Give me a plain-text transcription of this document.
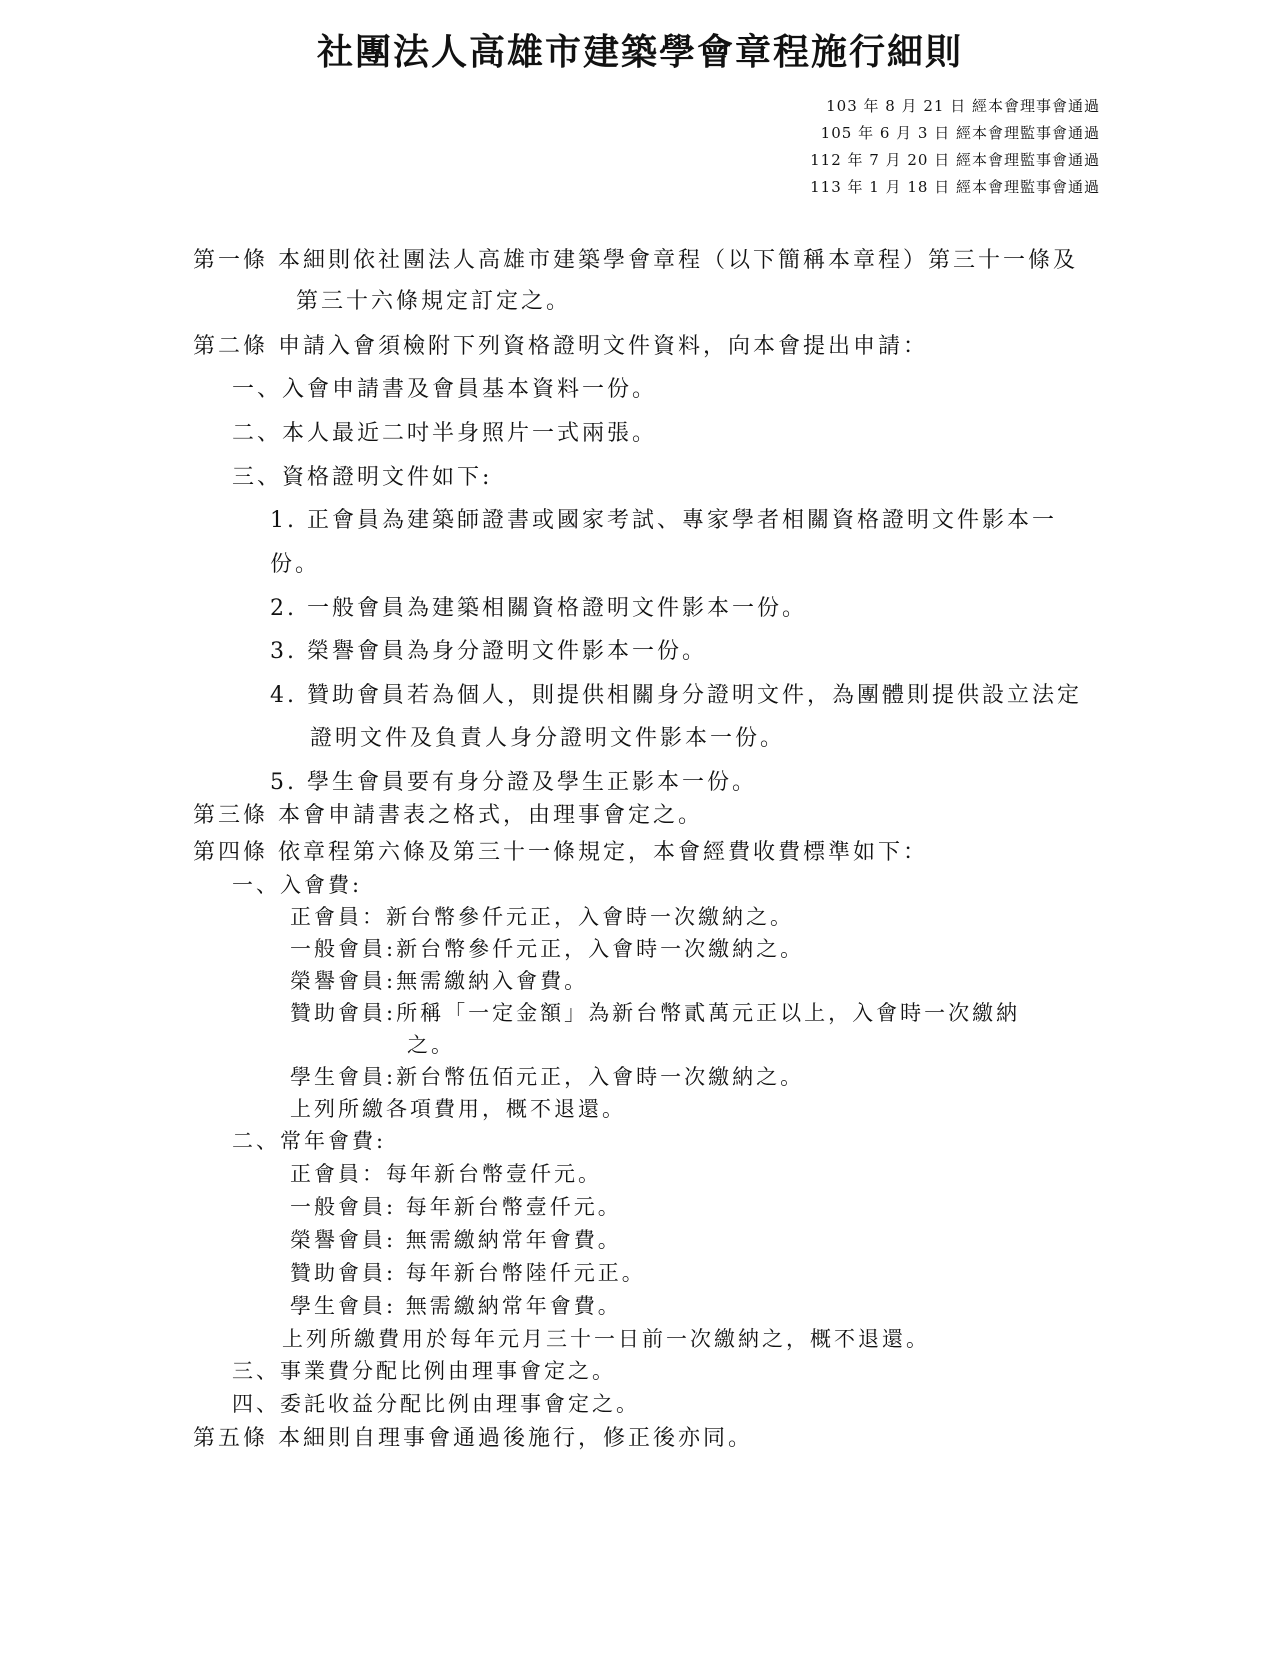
社團法人高雄市建築學會章程施行細則
103 年 8 月 21 日 經本會理事會通過
105 年 6 月 3 日 經本會理監事會通過
112 年 7 月 20 日 經本會理監事會通過
113 年 1 月 18 日 經本會理監事會通過
第一條 本細則依社團法人高雄市建築學會章程（以下簡稱本章程）第三十一條及
第三十六條規定訂定之。
第二條 申請入會須檢附下列資格證明文件資料，向本會提出申請：
一、入會申請書及會員基本資料一份。
二、本人最近二吋半身照片一式兩張。
三、資格證明文件如下:
1. 正會員為建築師證書或國家考試、專家學者相關資格證明文件影本一
份。
2. 一般會員為建築相關資格證明文件影本一份。
3. 榮譽會員為身分證明文件影本一份。
4. 贊助會員若為個人，則提供相關身分證明文件，為團體則提供設立法定
證明文件及負責人身分證明文件影本一份。
5. 學生會員要有身分證及學生正影本一份。
第三條 本會申請書表之格式，由理事會定之。
第四條 依章程第六條及第三十一條規定，本會經費收費標準如下：
一、入會費:
正會員：新台幣參仟元正，入會時一次繳納之。
一般會員:新台幣參仟元正，入會時一次繳納之。
榮譽會員:無需繳納入會費。
贊助會員:所稱「一定金額」為新台幣貳萬元正以上，入會時一次繳納
之。
學生會員:新台幣伍佰元正，入會時一次繳納之。
上列所繳各項費用，概不退還。
二、常年會費:
正會員：每年新台幣壹仟元。
一般會員: 每年新台幣壹仟元。
榮譽會員: 無需繳納常年會費。
贊助會員: 每年新台幣陸仟元正。
學生會員: 無需繳納常年會費。
上列所繳費用於每年元月三十一日前一次繳納之，概不退還。
三、事業費分配比例由理事會定之。
四、委託收益分配比例由理事會定之。
第五條 本細則自理事會通過後施行，修正後亦同。
